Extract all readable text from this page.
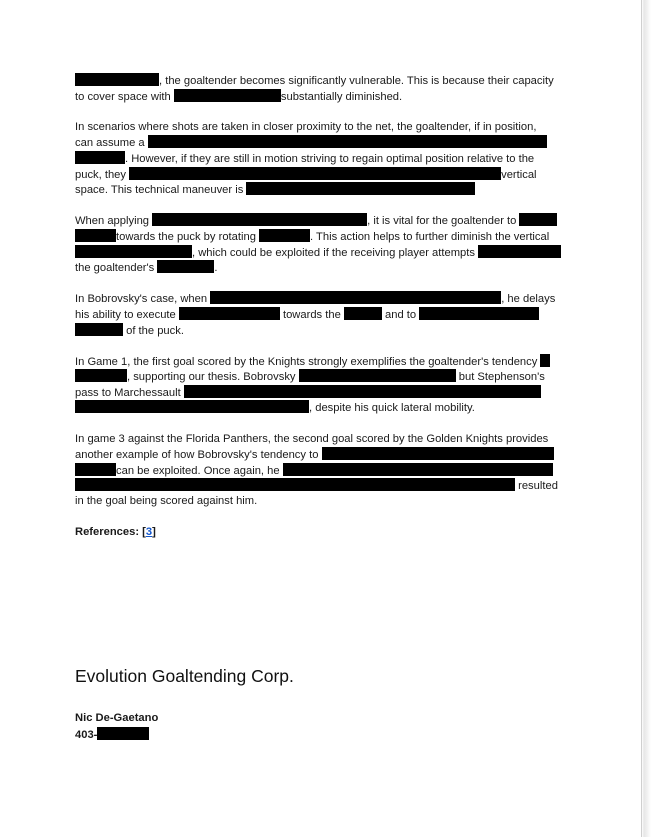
, the goaltender becomes significantly vulnerable. This is because their capacity
to cover space with	substantially diminished.
In scenarios where shots are taken in closer proximity to the net, the goaltender, if in position,
can assume a
. However, if they are still in motion striving to regain optimal position relative to the
puck, they	vertical
space. This technical maneuver is
When applying	, it is vital for the goaltender to
towards the puck by rotating	. This action helps to further diminish the vertical
, which could be exploited if the receiving player attempts
the goaltender's	.
In Bobrovsky's case, when	, he delays
his ability to execute	towards the	and to
of the puck.
In Game 1, the first goal scored by the Knights strongly exemplifies the goaltender's tendency
, supporting our thesis. Bobrovsky	but Stephenson's
pass to Marchessault
, despite his quick lateral mobility.
In game 3 against the Florida Panthers, the second goal scored by the Golden Knights provides
another example of how Bobrovsky's tendency to
can be exploited. Once again, he
resulted
in the goal being scored against him.
References: [3]
Evolution Goaltending Corp.
Nic De-Gaetano
403-
